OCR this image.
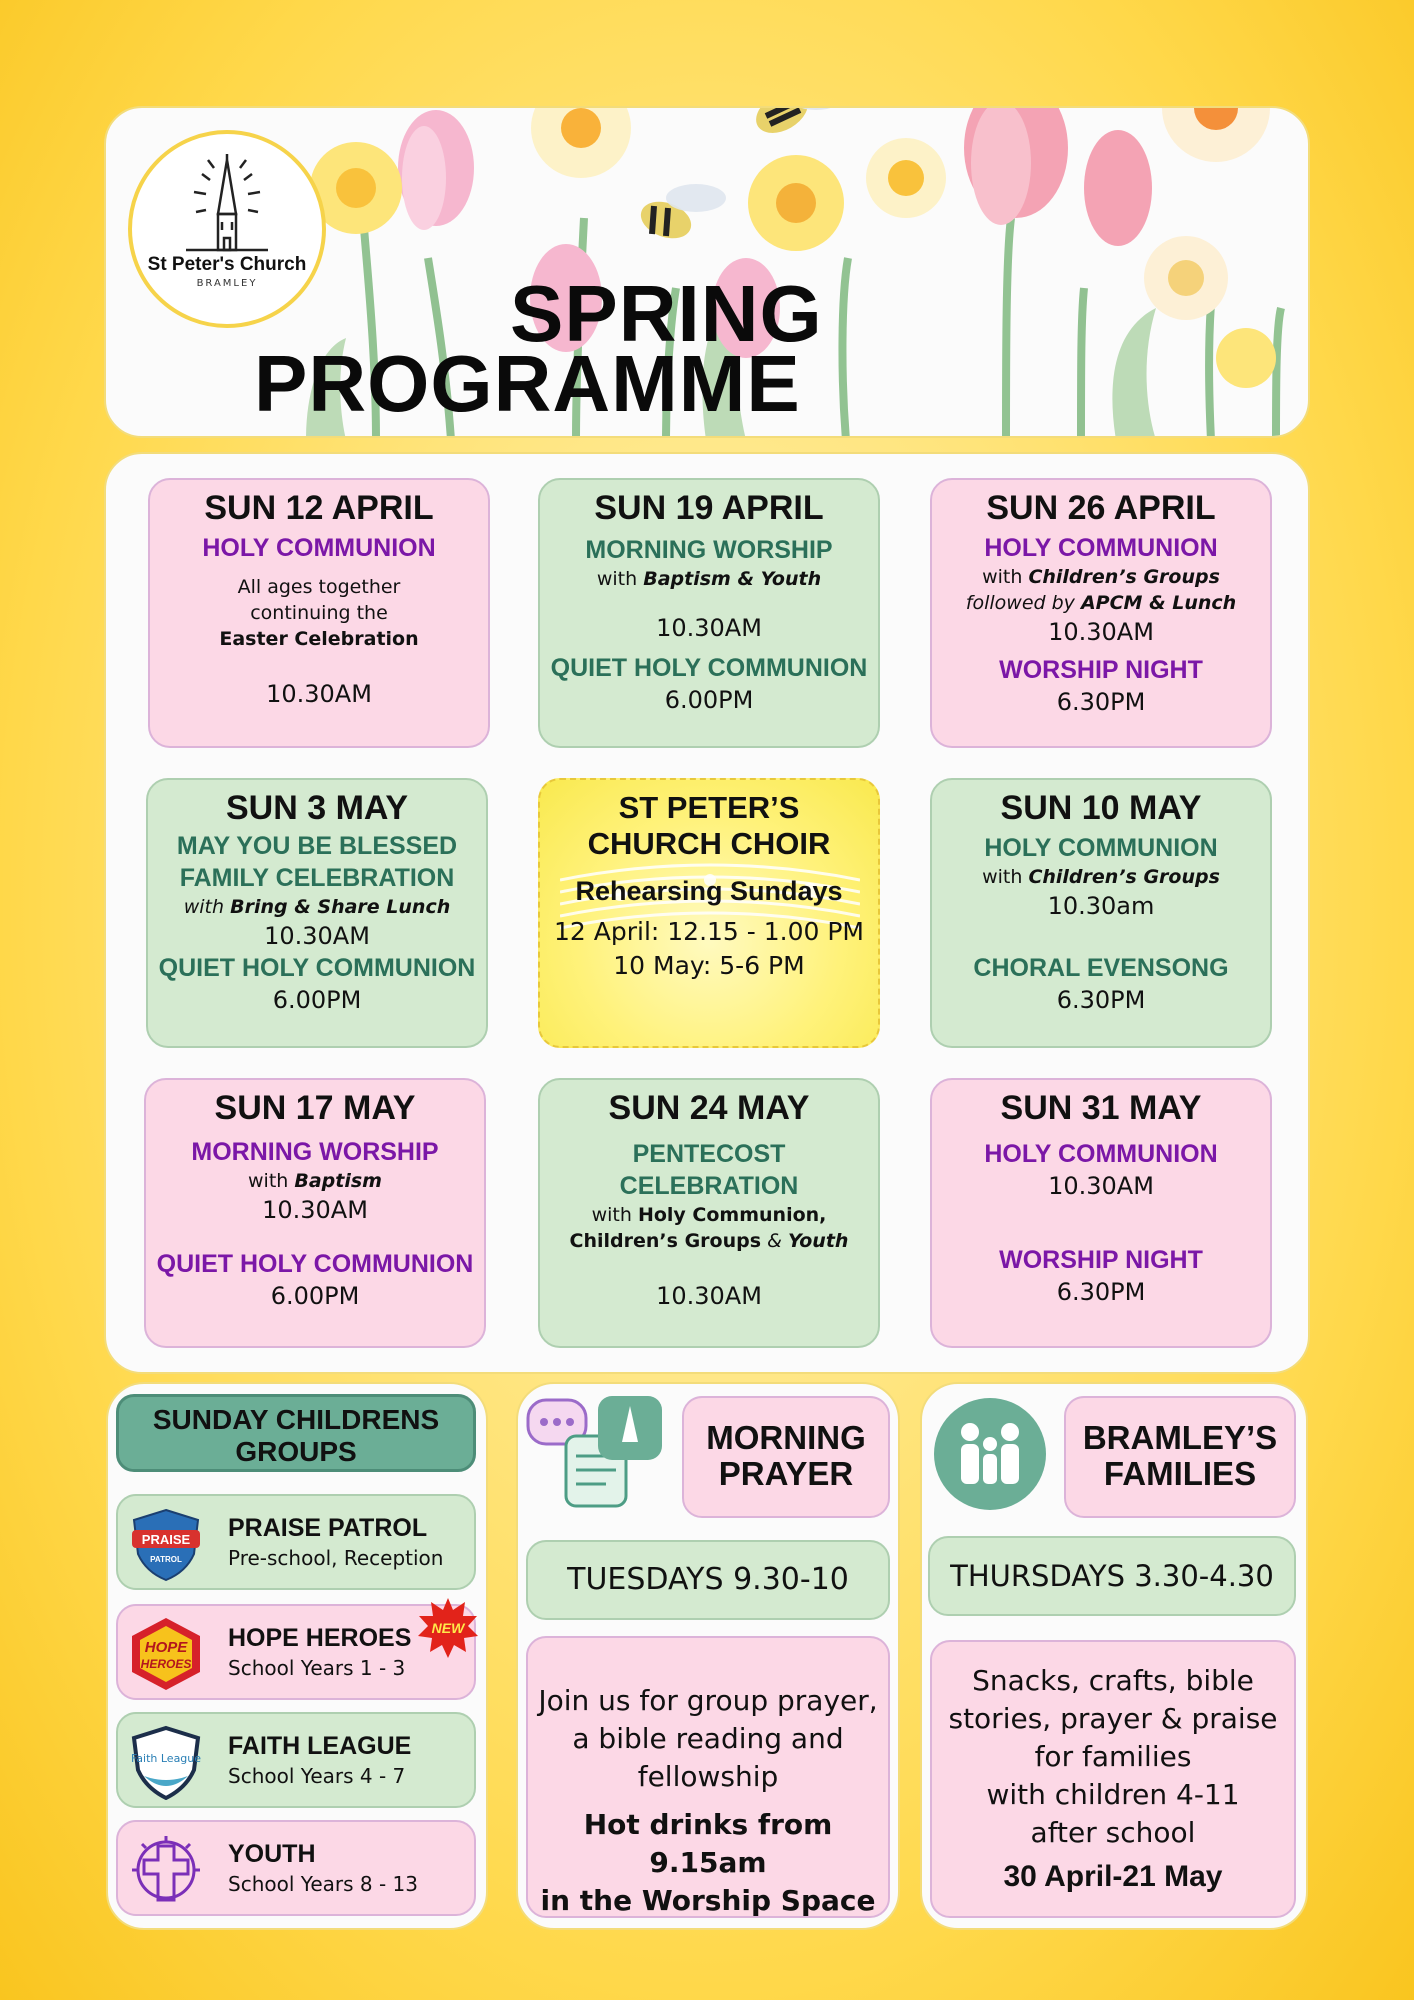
St Peter's Church
BRAMLEY	SPRING
PROGRAMME
SUN 12 APRIL
HOLY COMMUNION
All ages together
continuing the
Easter Celebration
10.30AM
SUN 19 APRIL
MORNING WORSHIP
with Baptism & Youth
10.30AM
QUIET HOLY COMMUNION
6.00PM
SUN 26 APRIL
HOLY COMMUNION
with Children’s Groups
followed by APCM & Lunch
10.30AM
WORSHIP NIGHT
6.30PM
SUN 3 MAY
MAY YOU BE BLESSED
FAMILY CELEBRATION
with Bring & Share Lunch
10.30AM
QUIET HOLY COMMUNION
6.00PM
ST PETER’S
CHURCH CHOIR
Rehearsing Sundays
12 April: 12.15 - 1.00 PM
10 May: 5-6 PM
SUN 10 MAY
HOLY COMMUNION
with Children’s Groups
10.30am
CHORAL EVENSONG
6.30PM
SUN 17 MAY
MORNING WORSHIP
with Baptism
10.30AM
QUIET HOLY COMMUNION
6.00PM
SUN 24 MAY
PENTECOST
CELEBRATION
with Holy Communion,
Children’s Groups & Youth
10.30AM
SUN 31 MAY
HOLY COMMUNION
10.30AM
WORSHIP NIGHT
6.30PM
SUNDAY CHILDRENS
GROUPS
PRAISE
PATROL
PRAISE PATROL
Pre-school, Reception
HOPE
HEROES
HOPE HEROES
School Years 1 - 3
NEW
Faith League FAITH LEAGUE
School Years 4 - 7
YOUTH
School Years 8 - 13
MORNING
PRAYER
TUESDAYS 9.30-10
Join us for group prayer,
a bible reading and
fellowship
Hot drinks from 9.15am
in the Worship Space
BRAMLEY’S
FAMILIES
THURSDAYS 3.30-4.30
Snacks, crafts, bible
stories, prayer & praise
for families
with children 4-11
after school
30 April-21 May
